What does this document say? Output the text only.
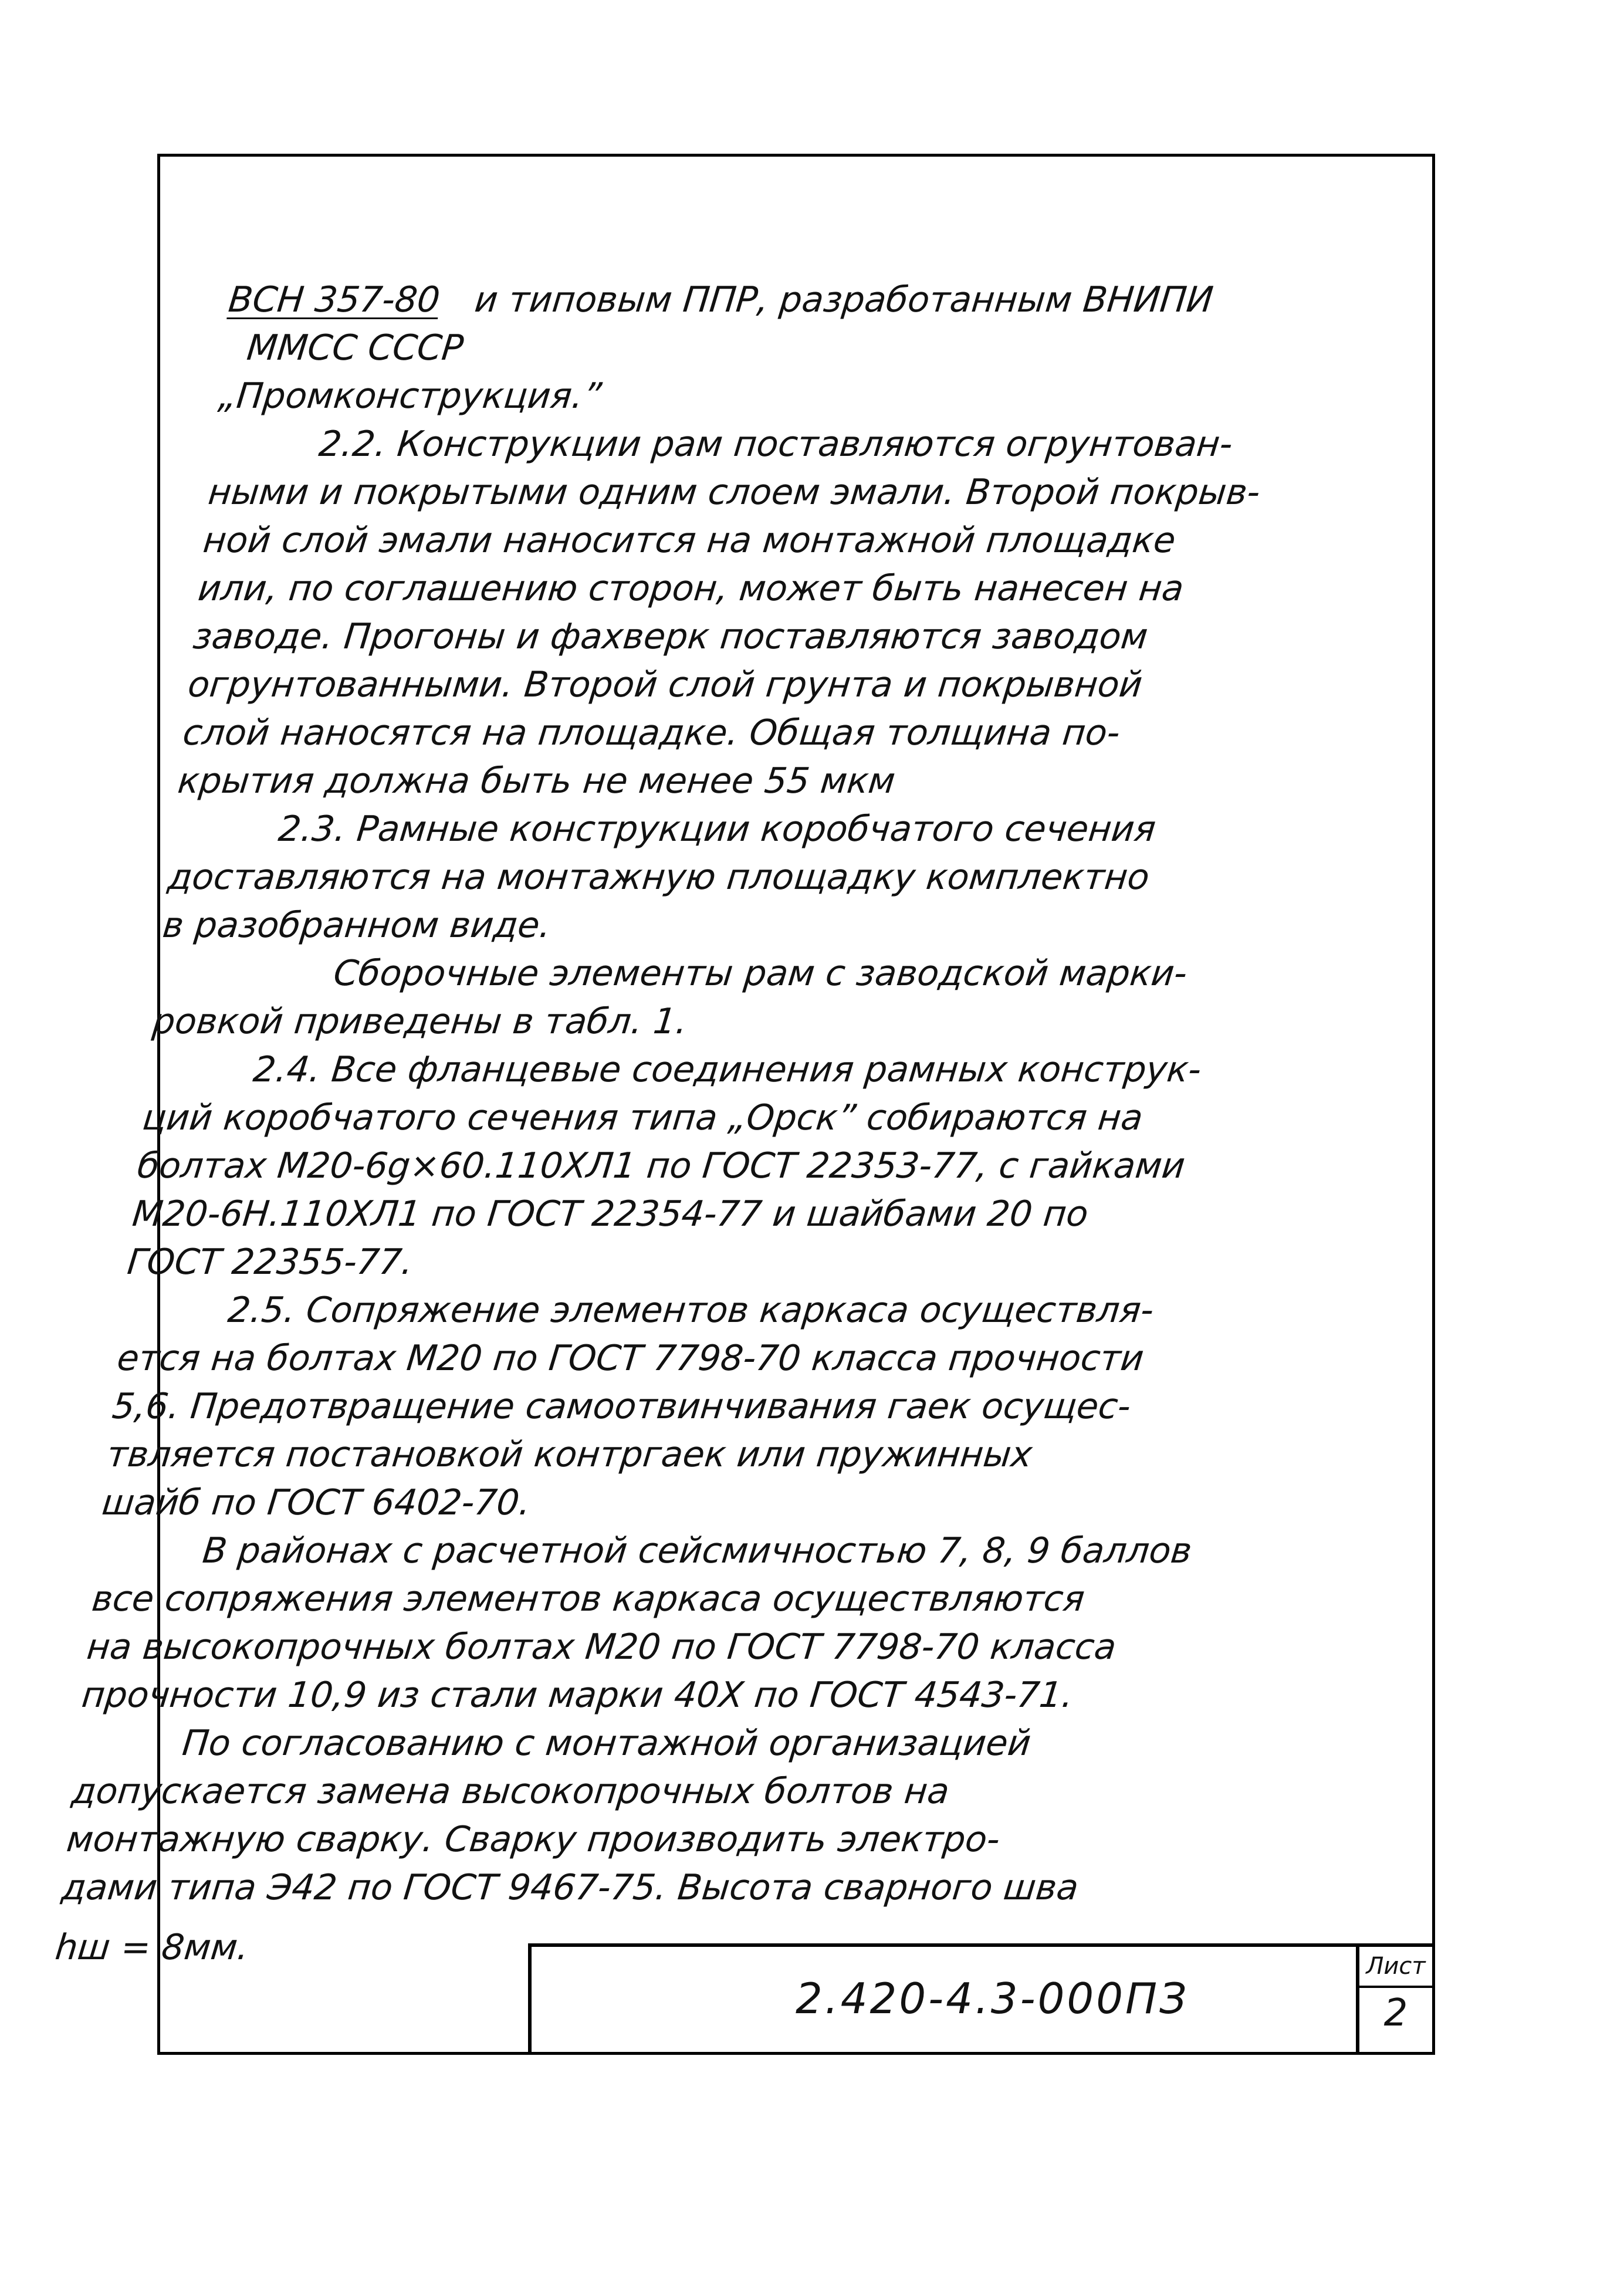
ВСН 357-80 и типовым ППР, разработанным ВНИПИ
ММСС СССР
„Промконструкция.”
2.2. Конструкции рам поставляются огрунтован-
ными и покрытыми одним слоем эмали. Второй покрыв-
ной слой эмали наносится на монтажной площадке
или, по соглашению сторон, может быть нанесен на
заводе. Прогоны и фахверк поставляются заводом
огрунтованными. Второй слой грунта и покрывной
слой наносятся на площадке. Общая толщина по-
крытия должна быть не менее 55 мкм
2.3. Рамные конструкции коробчатого сечения
доставляются на монтажную площадку комплектно
в разобранном виде.
Сборочные элементы рам с заводской марки-
ровкой приведены в табл. 1.
2.4. Все фланцевые соединения рамных конструк-
ций коробчатого сечения типа „Орск” собираются на
болтах М20-6g×60.110ХЛ1 по ГОСТ 22353-77, с гайками
М20-6Н.110ХЛ1 по ГОСТ 22354-77 и шайбами 20 по
ГОСТ 22355-77.
2.5. Сопряжение элементов каркаса осуществля-
ется на болтах М20 по ГОСТ 7798-70 класса прочности
5,6. Предотвращение самоотвинчивания гаек осущес-
твляется постановкой контргаек или пружинных
шайб по ГОСТ 6402-70.
В районах с расчетной сейсмичностью 7, 8, 9 баллов
все сопряжения элементов каркаса осуществляются
на высокопрочных болтах М20 по ГОСТ 7798-70 класса
прочности 10,9 из стали марки 40Х по ГОСТ 4543-71.
По согласованию с монтажной организацией
допускается замена высокопрочных болтов на
монтажную сварку. Сварку производить электро-
дами типа Э42 по ГОСТ 9467-75. Высота сварного шва
hш = 8мм.
2.420-4.3-000ПЗ
Лист
2
